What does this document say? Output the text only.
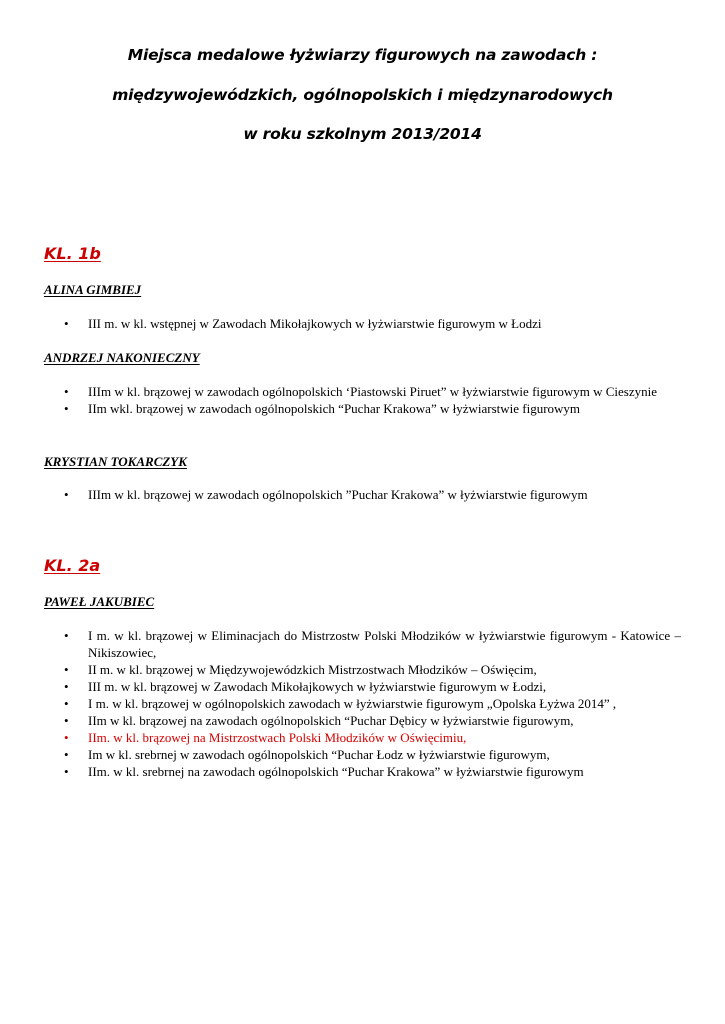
Miejsca medalowe łyżwiarzy figurowych na zawodach :
międzywojewódzkich, ogólnopolskich i międzynarodowych
w roku szkolnym 2013/2014
KL. 1b
ALINA GIMBIEJ
• III m. w kl. wstępnej w Zawodach Mikołajkowych w łyżwiarstwie figurowym w Łodzi
ANDRZEJ NAKONIECZNY
• IIIm w kl. brązowej w zawodach ogólnopolskich ‘Piastowski Piruet” w łyżwiarstwie figurowym w Cieszynie
• IIm wkl. brązowej w zawodach ogólnopolskich “Puchar Krakowa” w łyżwiarstwie figurowym
KRYSTIAN TOKARCZYK
• IIIm w kl. brązowej w zawodach ogólnopolskich ”Puchar Krakowa” w łyżwiarstwie figurowym
KL. 2a
PAWEŁ JAKUBIEC
• I m. w kl. brązowej w Eliminacjach do Mistrzostw Polski Młodzików w łyżwiarstwie figurowym - Katowice – Nikiszowiec,
• II m. w kl. brązowej w Międzywojewódzkich Mistrzostwach Młodzików – Oświęcim,
• III m. w kl. brązowej w Zawodach Mikołajkowych w łyżwiarstwie figurowym w Łodzi,
• I m. w kl. brązowej w ogólnopolskich zawodach w łyżwiarstwie figurowym „Opolska Łyżwa 2014” ,
• IIm w kl. brązowej na zawodach ogólnopolskich “Puchar Dębicy w łyżwiarstwie figurowym,
• IIm. w kl. brązowej na Mistrzostwach Polski Młodzików w Oświęcimiu,
• Im w kl. srebrnej w zawodach ogólnopolskich “Puchar Łodz w łyżwiarstwie figurowym,
• IIm. w kl. srebrnej na zawodach ogólnopolskich “Puchar Krakowa” w łyżwiarstwie figurowym
